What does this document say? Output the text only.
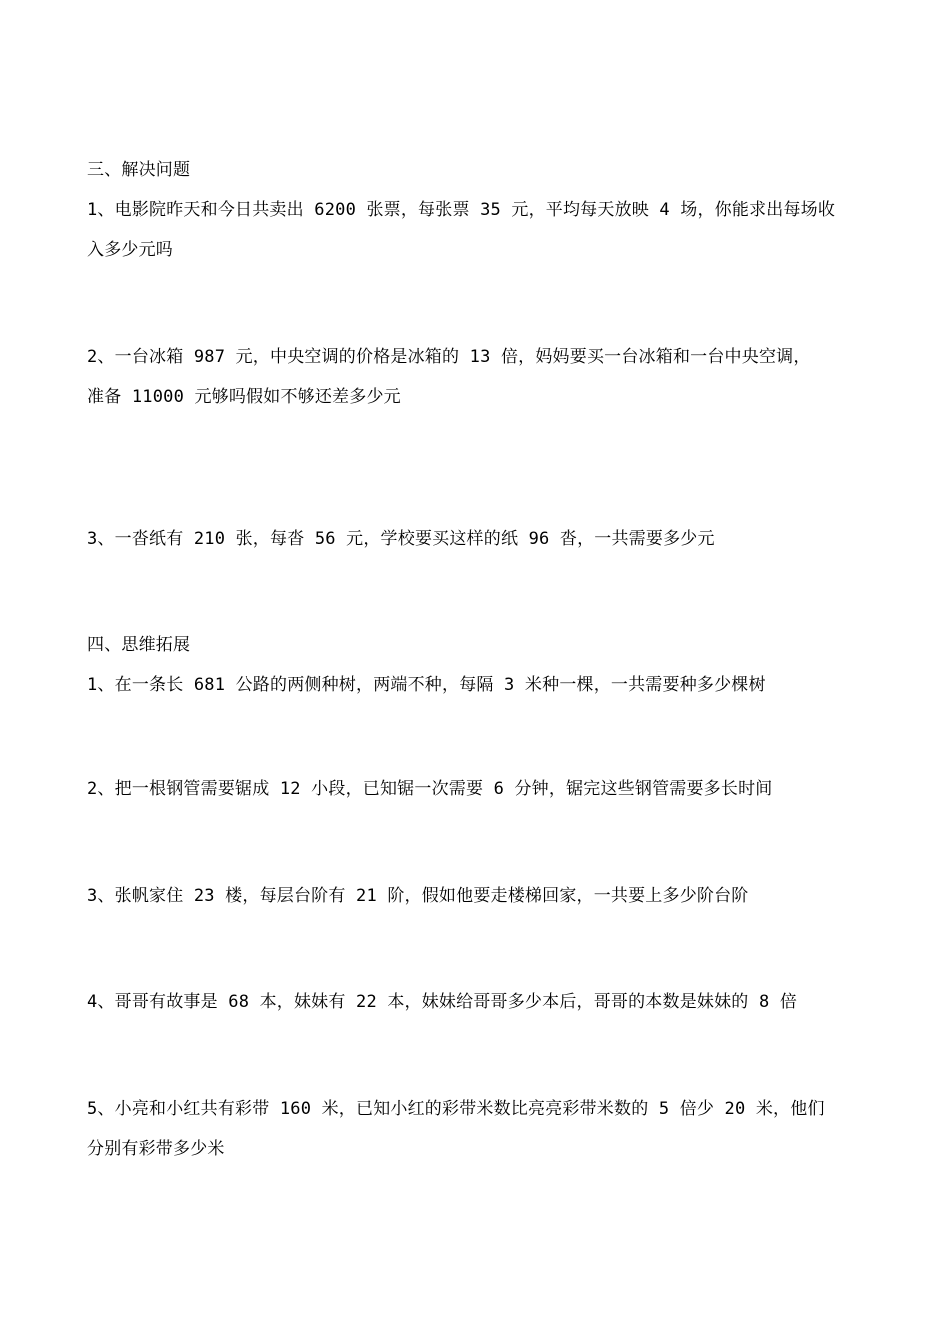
三、解决问题
1、电影院昨天和今日共卖出 6200 张票，每张票 35 元，平均每天放映 4 场，你能求出每场收
入多少元吗
2、一台冰箱 987 元，中央空调的价格是冰箱的 13 倍，妈妈要买一台冰箱和一台中央空调，
准备 11000 元够吗假如不够还差多少元
3、一沓纸有 210 张，每沓 56 元，学校要买这样的纸 96 沓，一共需要多少元
四、思维拓展
1、在一条长 681 公路的两侧种树，两端不种，每隔 3 米种一棵，一共需要种多少棵树
2、把一根钢管需要锯成 12 小段，已知锯一次需要 6 分钟，锯完这些钢管需要多长时间
3、张帆家住 23 楼，每层台阶有 21 阶，假如他要走楼梯回家，一共要上多少阶台阶
4、哥哥有故事是 68 本，妹妹有 22 本，妹妹给哥哥多少本后，哥哥的本数是妹妹的 8 倍
5、小亮和小红共有彩带 160 米，已知小红的彩带米数比亮亮彩带米数的 5 倍少 20 米，他们
分别有彩带多少米
